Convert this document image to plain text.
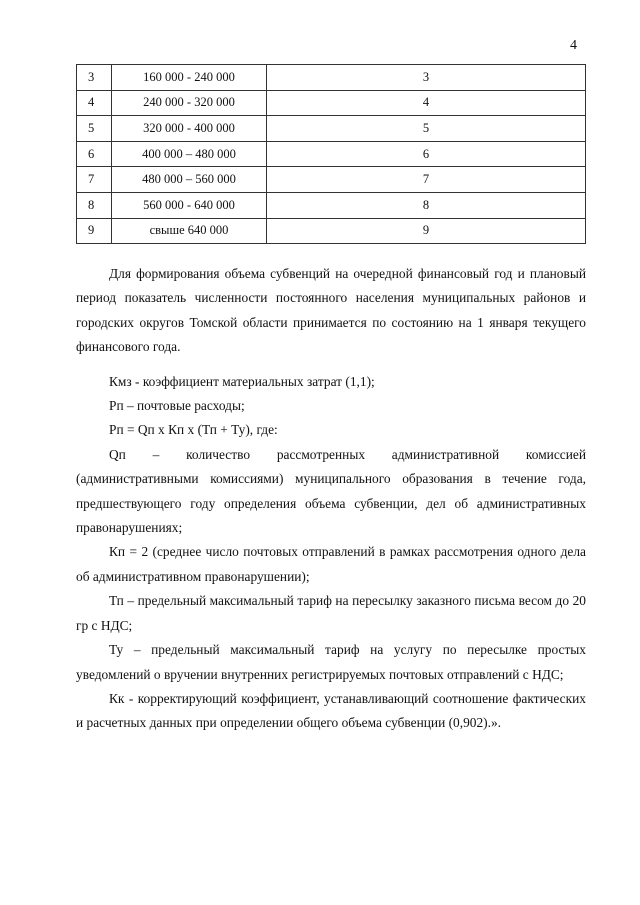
4
3	160 000 - 240 000	3
4	240 000 - 320 000	4
5	320 000 - 400 000	5
6	400 000 – 480 000	6
7	480 000 – 560 000	7
8	560 000 - 640 000	8
9	свыше 640 000	9

Для формирования объема субвенций на очередной финансовый год и плановый период показатель численности постоянного населения муниципальных районов и городских округов Томской области принимается по состоянию на 1 января текущего финансового года.

Кмз - коэффициент материальных затрат (1,1);

Рп – почтовые расходы;

Рп = Qп x Кп x (Тп + Ту), где:

Qп – количество рассмотренных административной комиссией (административными комиссиями) муниципального образования в течение года, предшествующего году определения объема субвенции, дел об административных правонарушениях;

Кп = 2 (среднее число почтовых отправлений в рамках рассмотрения одного дела об административном правонарушении);

Тп – предельный максимальный тариф на пересылку заказного письма весом до 20 гр с НДС;

Ту – предельный максимальный тариф на услугу по пересылке простых уведомлений о вручении внутренних регистрируемых почтовых отправлений с НДС;

Кк - корректирующий коэффициент, устанавливающий соотношение фактических и расчетных данных при определении общего объема субвенции (0,902).».
